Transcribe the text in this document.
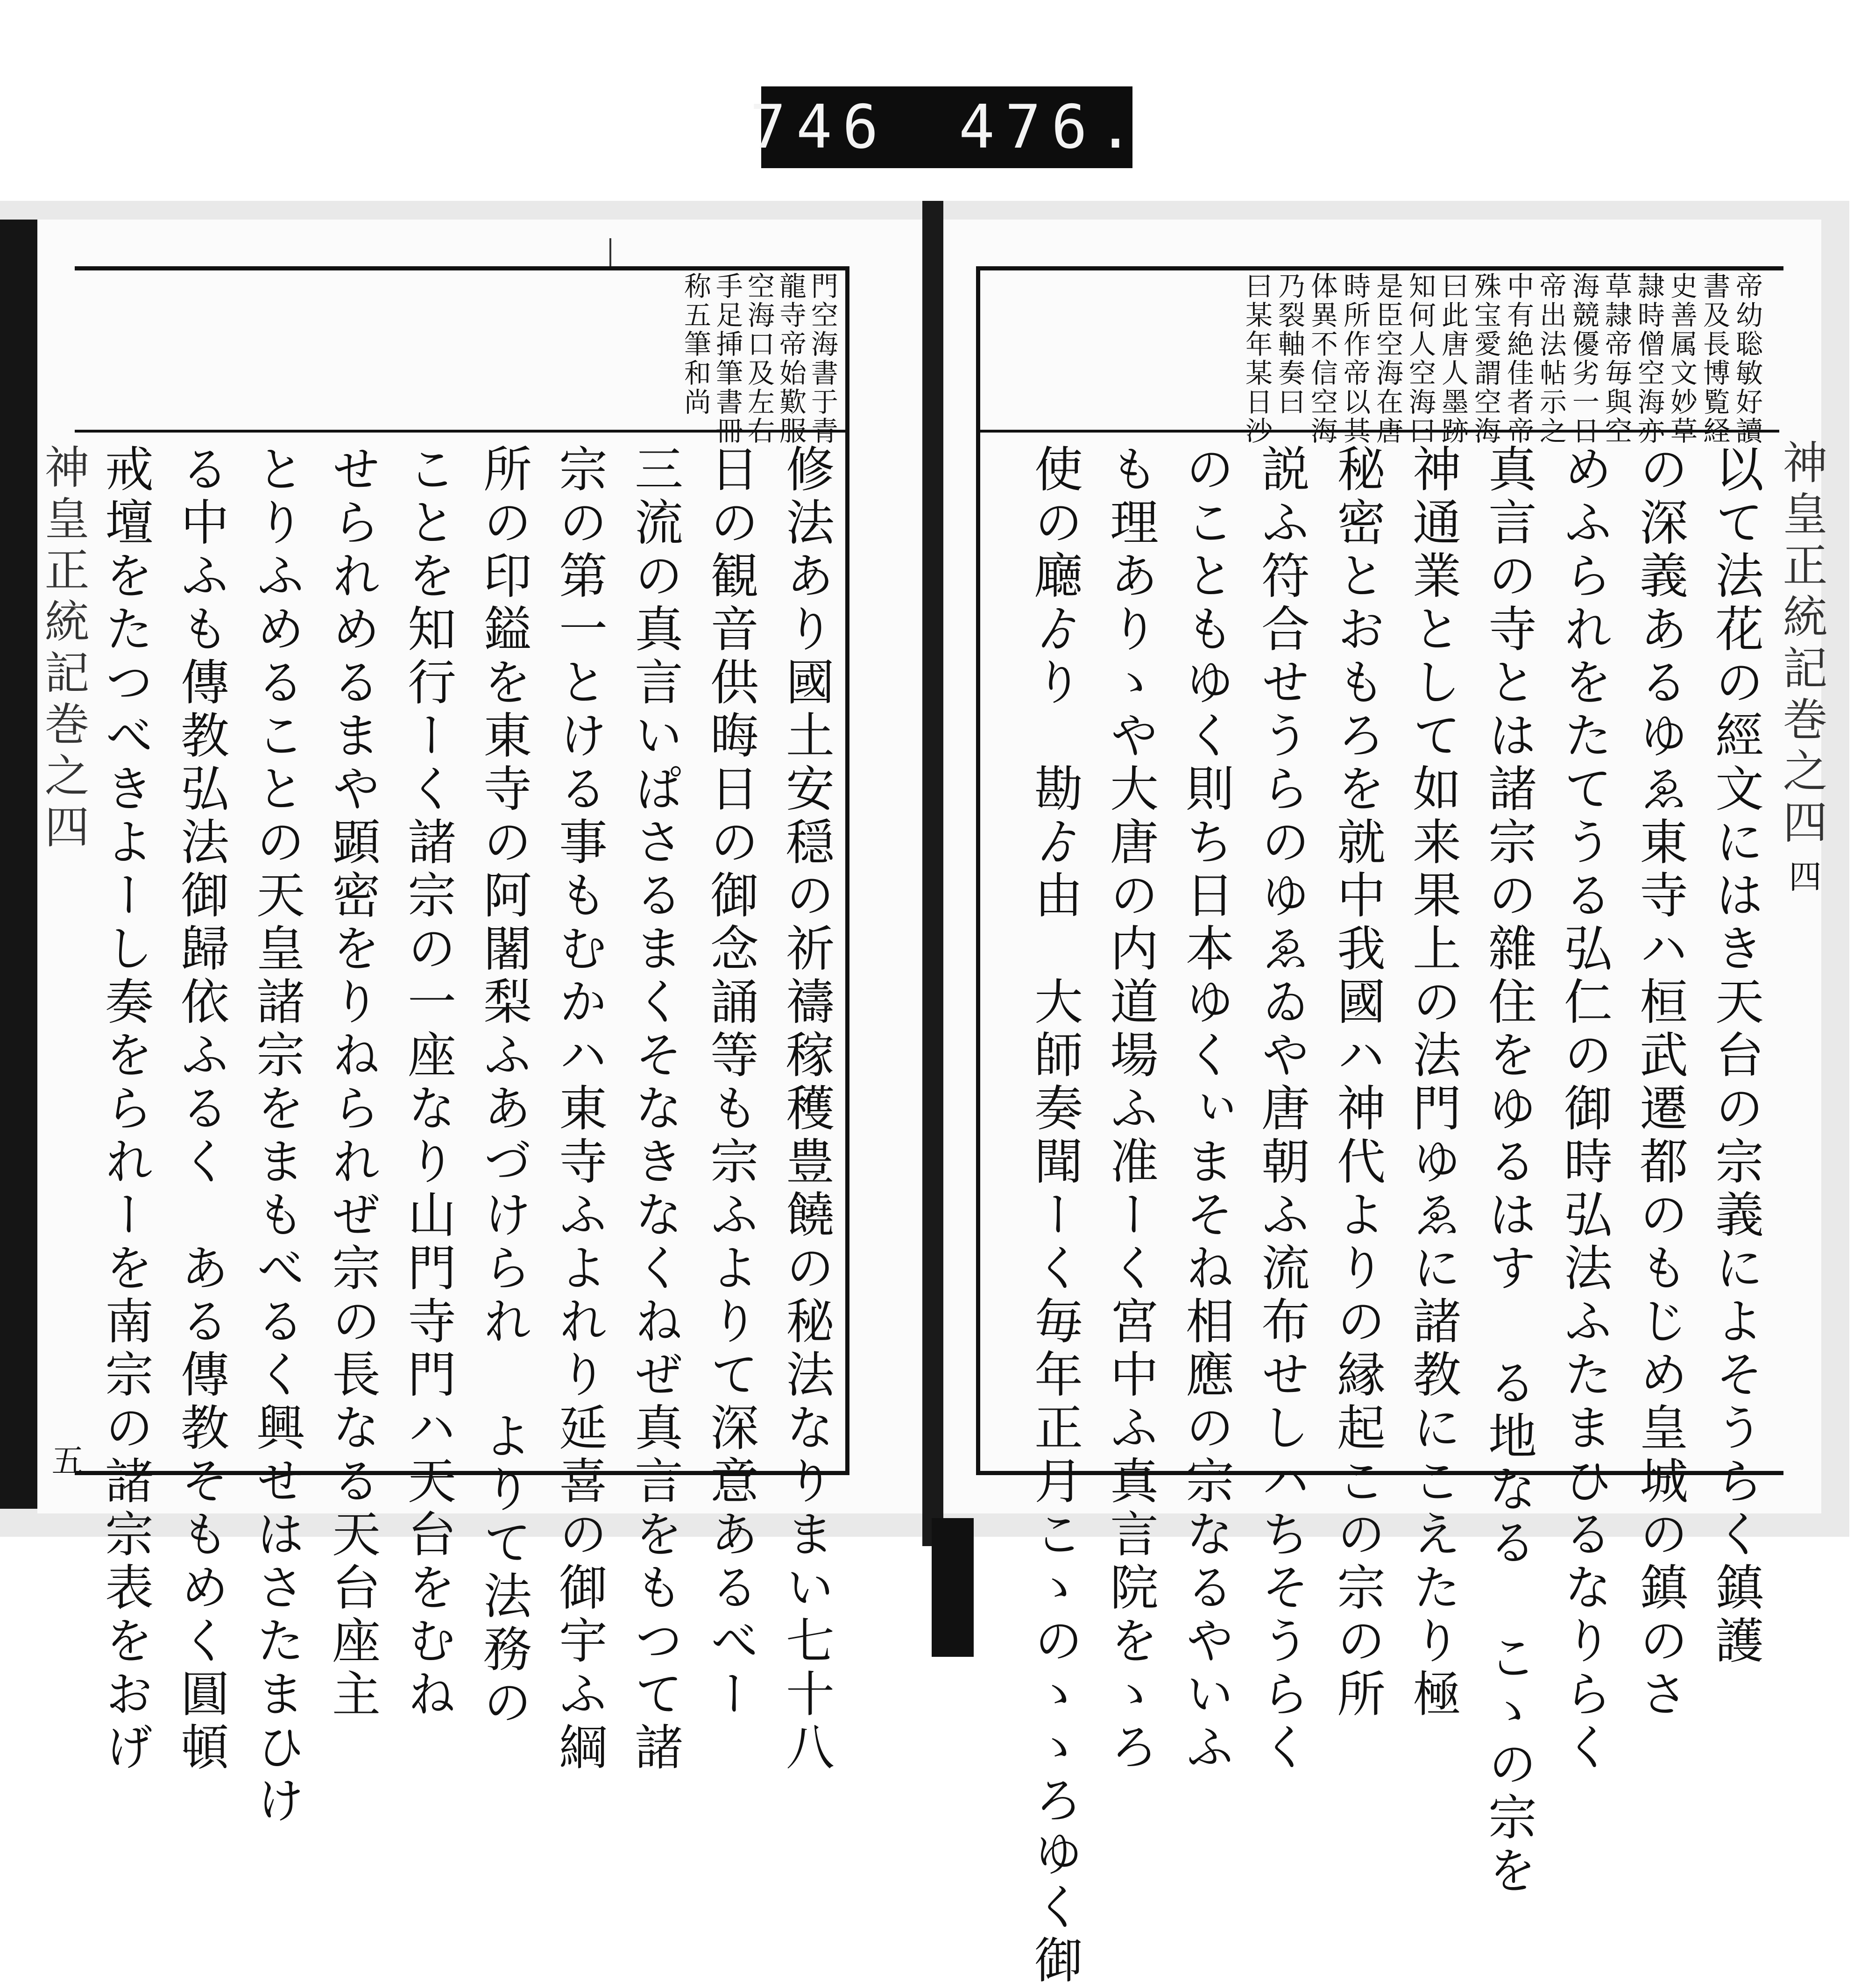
746 476.
神皇正統記巻之四
五
門空海書于青
龍寺帝始歎服
空海口及左右
手足挿筆書冊
称五筆和尚
修法あり國土安穏の祈禱稼穫豊饒の秘法なりまい七十八
日の観音供晦日の御念誦等も宗ふよりて深意あるべー
三流の真言いぱさるまくそなきなくねぜ真言をもつて諸
宗の第一とける事もむかハ東寺ふよれり延喜の御宇ふ綱
所の印鎰を東寺の阿闍梨ふあづけられ よりて法務の
ことを知行ーく諸宗の一座なり山門寺門ハ天台をむね
せられめるまや顕密をりねられぜ宗の長なる天台座主
とりふめることの天皇諸宗をまもべるく興せはさたまひけ
る中ふも傳教弘法御歸依ふるく　ある傳教そもめく圓頓
戒壇をたつべきよーし奏をられーを南宗の諸宗表をおげ	神皇正統記巻之四
四
帝幼聡敏好讀
書及長博覧経
史善属文妙草
隷時僧空海亦
草隷帝毎與空
海競優劣一日
帝出法帖示之
中有絶佳者帝
殊宝愛謂空海
曰此唐人墨跡
知何人空海曰
是臣空海在唐
時所作帝以其
体異不信空海
乃裂軸奏曰
曰某年某日沙
以て法花の經文にはき天台の宗義によそうらく鎮護
の深義あるゆゑ東寺ハ桓武遷都のもじめ皇城の鎮のさ
めふられをたてうる弘仁の御時弘法ふたまひるなりらく
真言の寺とは諸宗の雜住をゆるはす る地なる こゝの宗を
神通業として如来果上の法門ゆゑに諸教にこえたり極
秘密とおもろを就中我國ハ神代よりの縁起この宗の所
説ふ符合せうらのゆゑゐや唐朝ふ流布せしハちそうらく
のこともゆく則ち日本ゆくぃまそね相應の宗なるやいふ
も理ありゝや大唐の内道場ふ准ーく宮中ふ真言院をゝろ
使の廰ゟり　勘ゟ由　大師奏聞ーく毎年正月こゝのゝゝろゆく御
